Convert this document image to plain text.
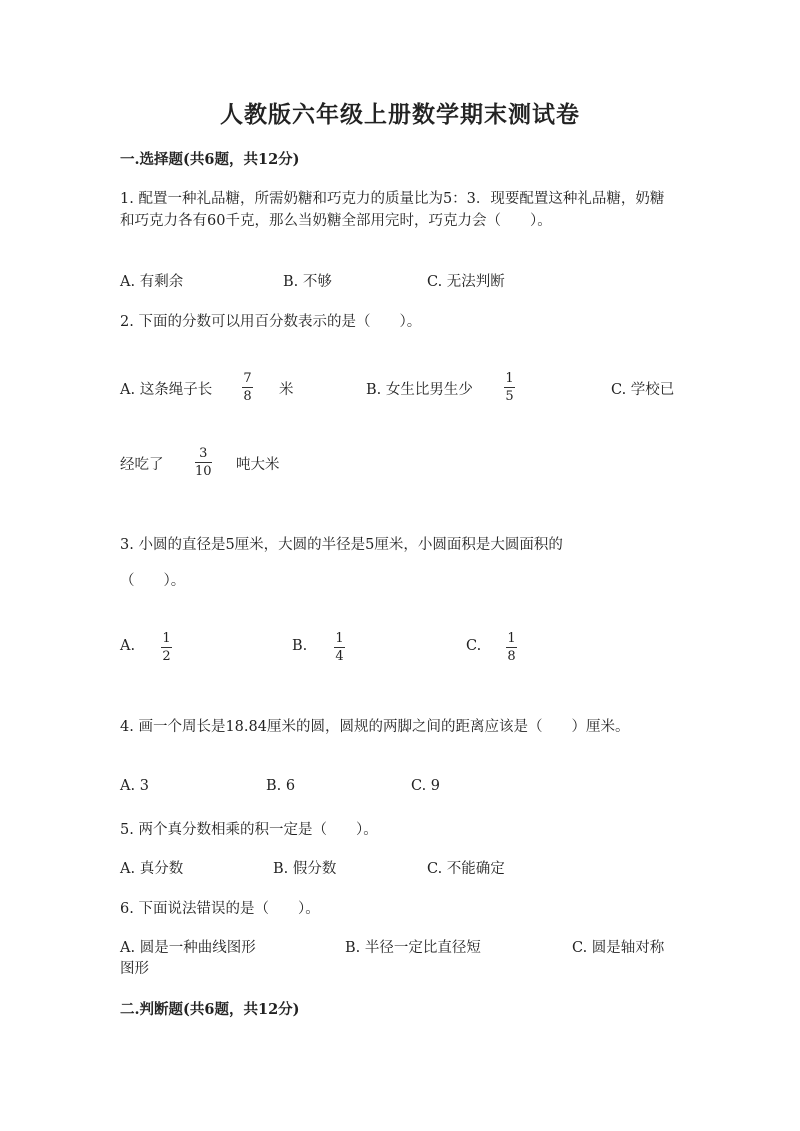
人教版六年级上册数学期末测试卷
一.选择题(共6题，共12分)
1. 配置一种礼品糖，所需奶糖和巧克力的质量比为5：3．现要配置这种礼品糖，奶糖和巧克力各有60千克，那么当奶糖全部用完时，巧克力会（　　）。
A. 有剩余	B. 不够	C. 无法判断
2. 下面的分数可以用百分数表示的是（　　）。
A. 这条绳子长
7
8 米	B. 女生比男生少
1
5	C. 学校已
经吃了
3
10 吨大米
3. 小圆的直径是5厘米，大圆的半径是5厘米，小圆面积是大圆面积的
（　　）。
A. 1
2
B. 1
4
C. 1
8
4. 画一个周长是18.84厘米的圆，圆规的两脚之间的距离应该是（　　）厘米。
A. 3	B. 6	C. 9
5. 两个真分数相乘的积一定是（　　）。
A. 真分数	B. 假分数	C. 不能确定
6. 下面说法错误的是（　　）。
A. 圆是一种曲线图形	B. 半径一定比直径短	C. 圆是轴对称
图形
二.判断题(共6题，共12分)
